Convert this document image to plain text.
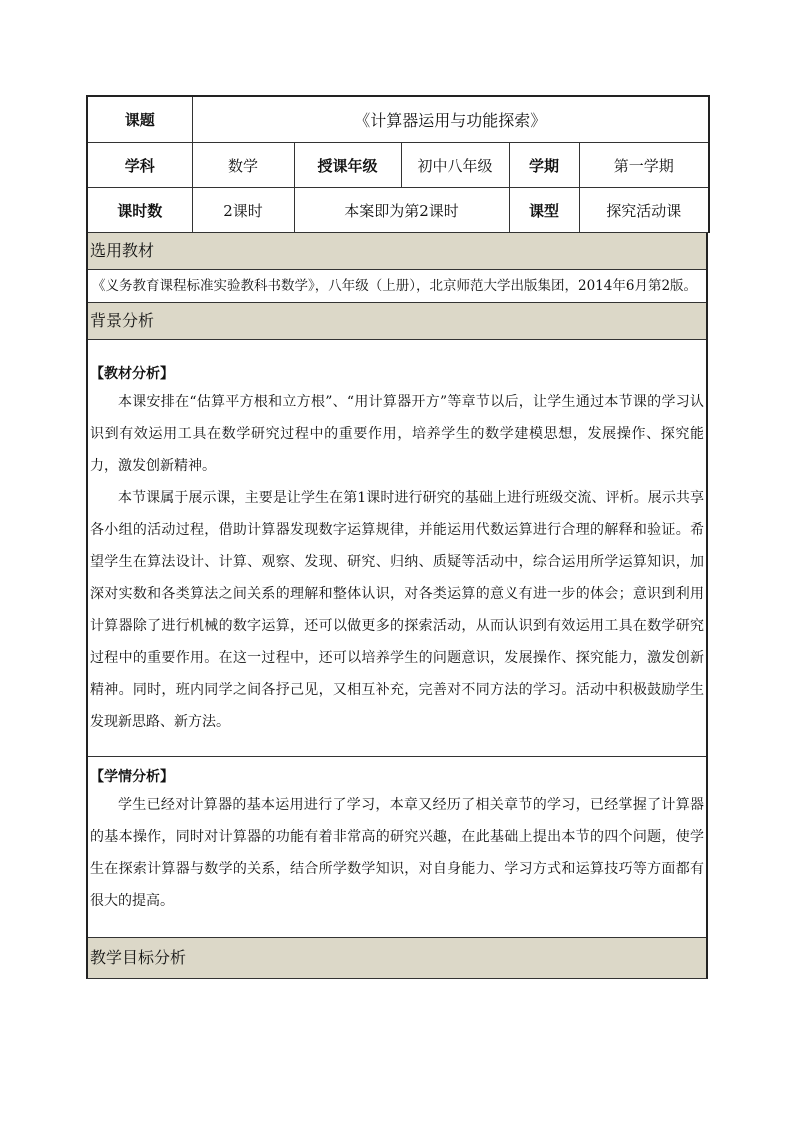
课题	《计算器运用与功能探索》				
学科	数学	授课年级	初中八年级	学期	第一学期
课时数	2课时	本案即为第2课时		课型	探究活动课
选用教材
《义务教育课程标准实验教科书数学》，八年级（上册），北京师范大学出版集团，2014年6月第2版。
背景分析
【教材分析】

本课安排在“估算平方根和立方根”、“用计算器开方”等章节以后，让学生通过本节课的学习认识到有效运用工具在数学研究过程中的重要作用，培养学生的数学建模思想，发展操作、探究能力，激发创新精神。

本节课属于展示课，主要是让学生在第1课时进行研究的基础上进行班级交流、评析。展示共享各小组的活动过程，借助计算器发现数字运算规律，并能运用代数运算进行合理的解释和验证。希望学生在算法设计、计算、观察、发现、研究、归纳、质疑等活动中，综合运用所学运算知识，加深对实数和各类算法之间关系的理解和整体认识，对各类运算的意义有进一步的体会；意识到利用计算器除了进行机械的数字运算，还可以做更多的探索活动，从而认识到有效运用工具在数学研究过程中的重要作用。在这一过程中，还可以培养学生的问题意识，发展操作、探究能力，激发创新精神。同时，班内同学之间各抒己见，又相互补充，完善对不同方法的学习。活动中积极鼓励学生发现新思路、新方法。

【学情分析】

学生已经对计算器的基本运用进行了学习，本章又经历了相关章节的学习，已经掌握了计算器的基本操作，同时对计算器的功能有着非常高的研究兴趣，在此基础上提出本节的四个问题，使学生在探索计算器与数学的关系，结合所学数学知识，对自身能力、学习方式和运算技巧等方面都有很大的提高。

教学目标分析
